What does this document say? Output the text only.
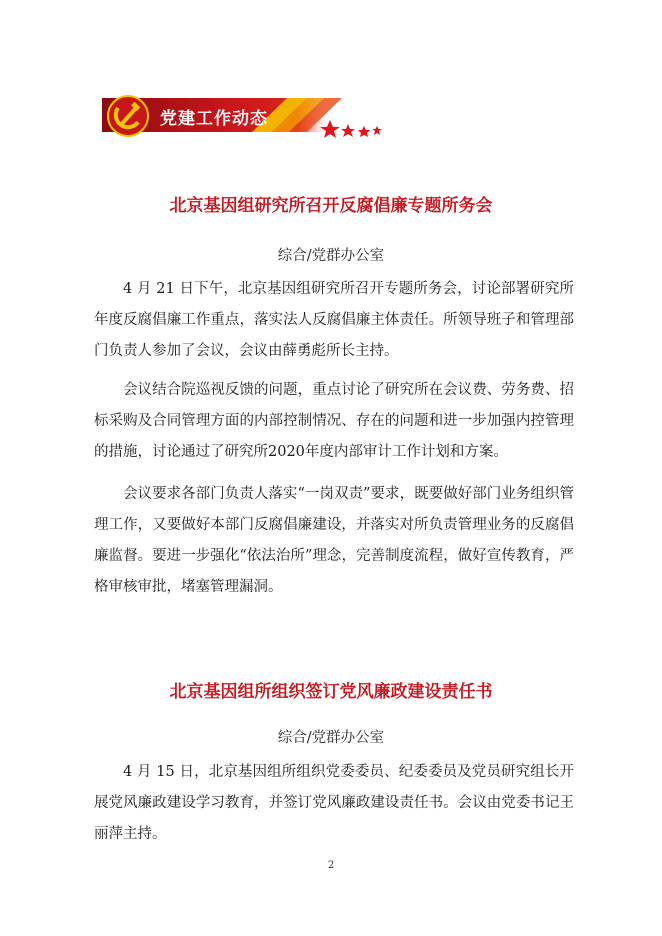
党建工作动态
北京基因组研究所召开反腐倡廉专题所务会
综合/党群办公室
4 月 21 日下午，北京基因组研究所召开专题所务会，讨论部署研究所年度反腐倡廉工作重点，落实法人反腐倡廉主体责任。所领导班子和管理部门负责人参加了会议，会议由薛勇彪所长主持。
会议结合院巡视反馈的问题，重点讨论了研究所在会议费、劳务费、招标采购及合同管理方面的内部控制情况、存在的问题和进一步加强内控管理的措施，讨论通过了研究所2020年度内部审计工作计划和方案。
会议要求各部门负责人落实“一岗双责”要求，既要做好部门业务组织管理工作，又要做好本部门反腐倡廉建设，并落实对所负责管理业务的反腐倡廉监督。要进一步强化“依法治所”理念，完善制度流程，做好宣传教育，严格审核审批，堵塞管理漏洞。
北京基因组所组织签订党风廉政建设责任书
综合/党群办公室
4 月 15 日，北京基因组所组织党委委员、纪委委员及党员研究组长开展党风廉政建设学习教育，并签订党风廉政建设责任书。会议由党委书记王丽萍主持。
2
